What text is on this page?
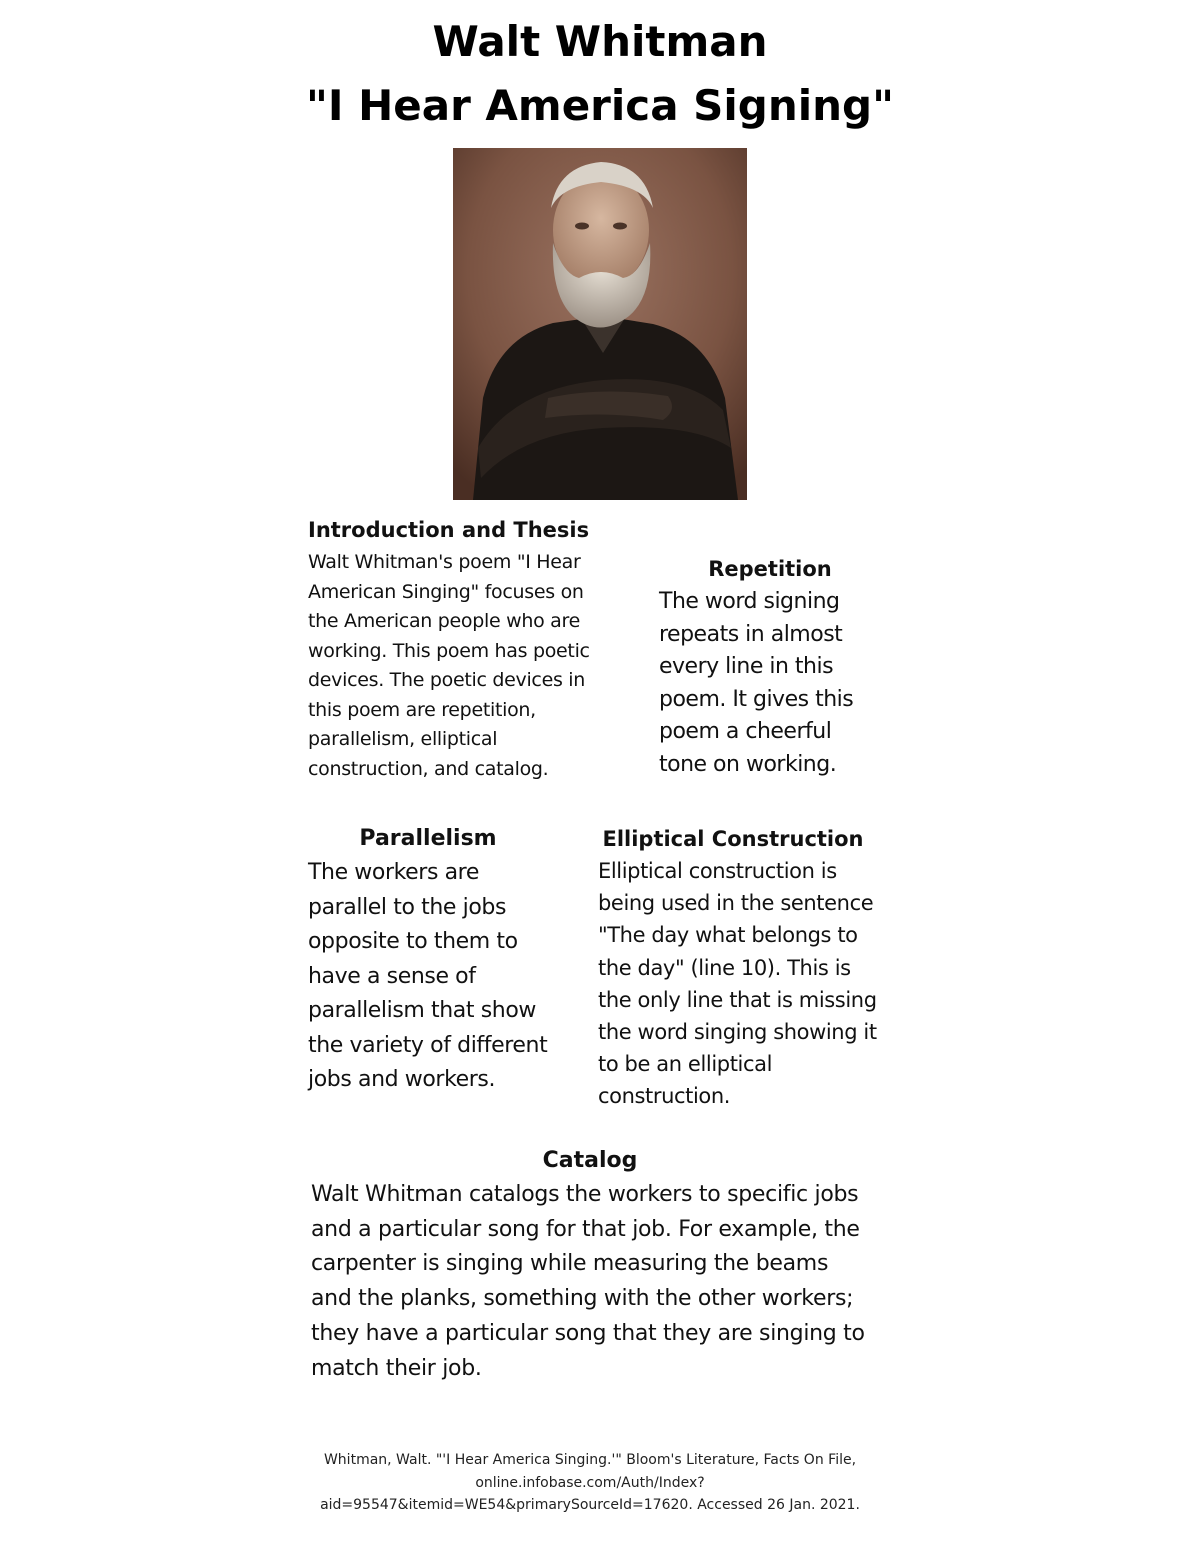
Walt Whitman
"I Hear America Signing"
Introduction and Thesis
Walt Whitman's poem "I Hear American Singing" focuses on the American people who are working. This poem has poetic devices. The poetic devices in this poem are repetition, parallelism, elliptical construction, and catalog.
Repetition
The word signing repeats in almost every line in this poem. It gives this poem a cheerful tone on working.
Parallelism
The workers are parallel to the jobs opposite to them to have a sense of parallelism that show the variety of different jobs and workers.
Elliptical Construction
Elliptical construction is being used in the sentence "The day what belongs to the day" (line 10). This is the only line that is missing the word singing showing it to be an elliptical construction.
Catalog
Walt Whitman catalogs the workers to specific jobs and a particular song for that job. For example, the carpenter is singing while measuring the beams and the planks, something with the other workers; they have a particular song that they are singing to match their job.
Whitman, Walt. "'I Hear America Singing.'" Bloom's Literature, Facts On File, online.infobase.com/Auth/Index?aid=95547&itemid=WE54&primarySourceId=17620. Accessed 26 Jan. 2021.
